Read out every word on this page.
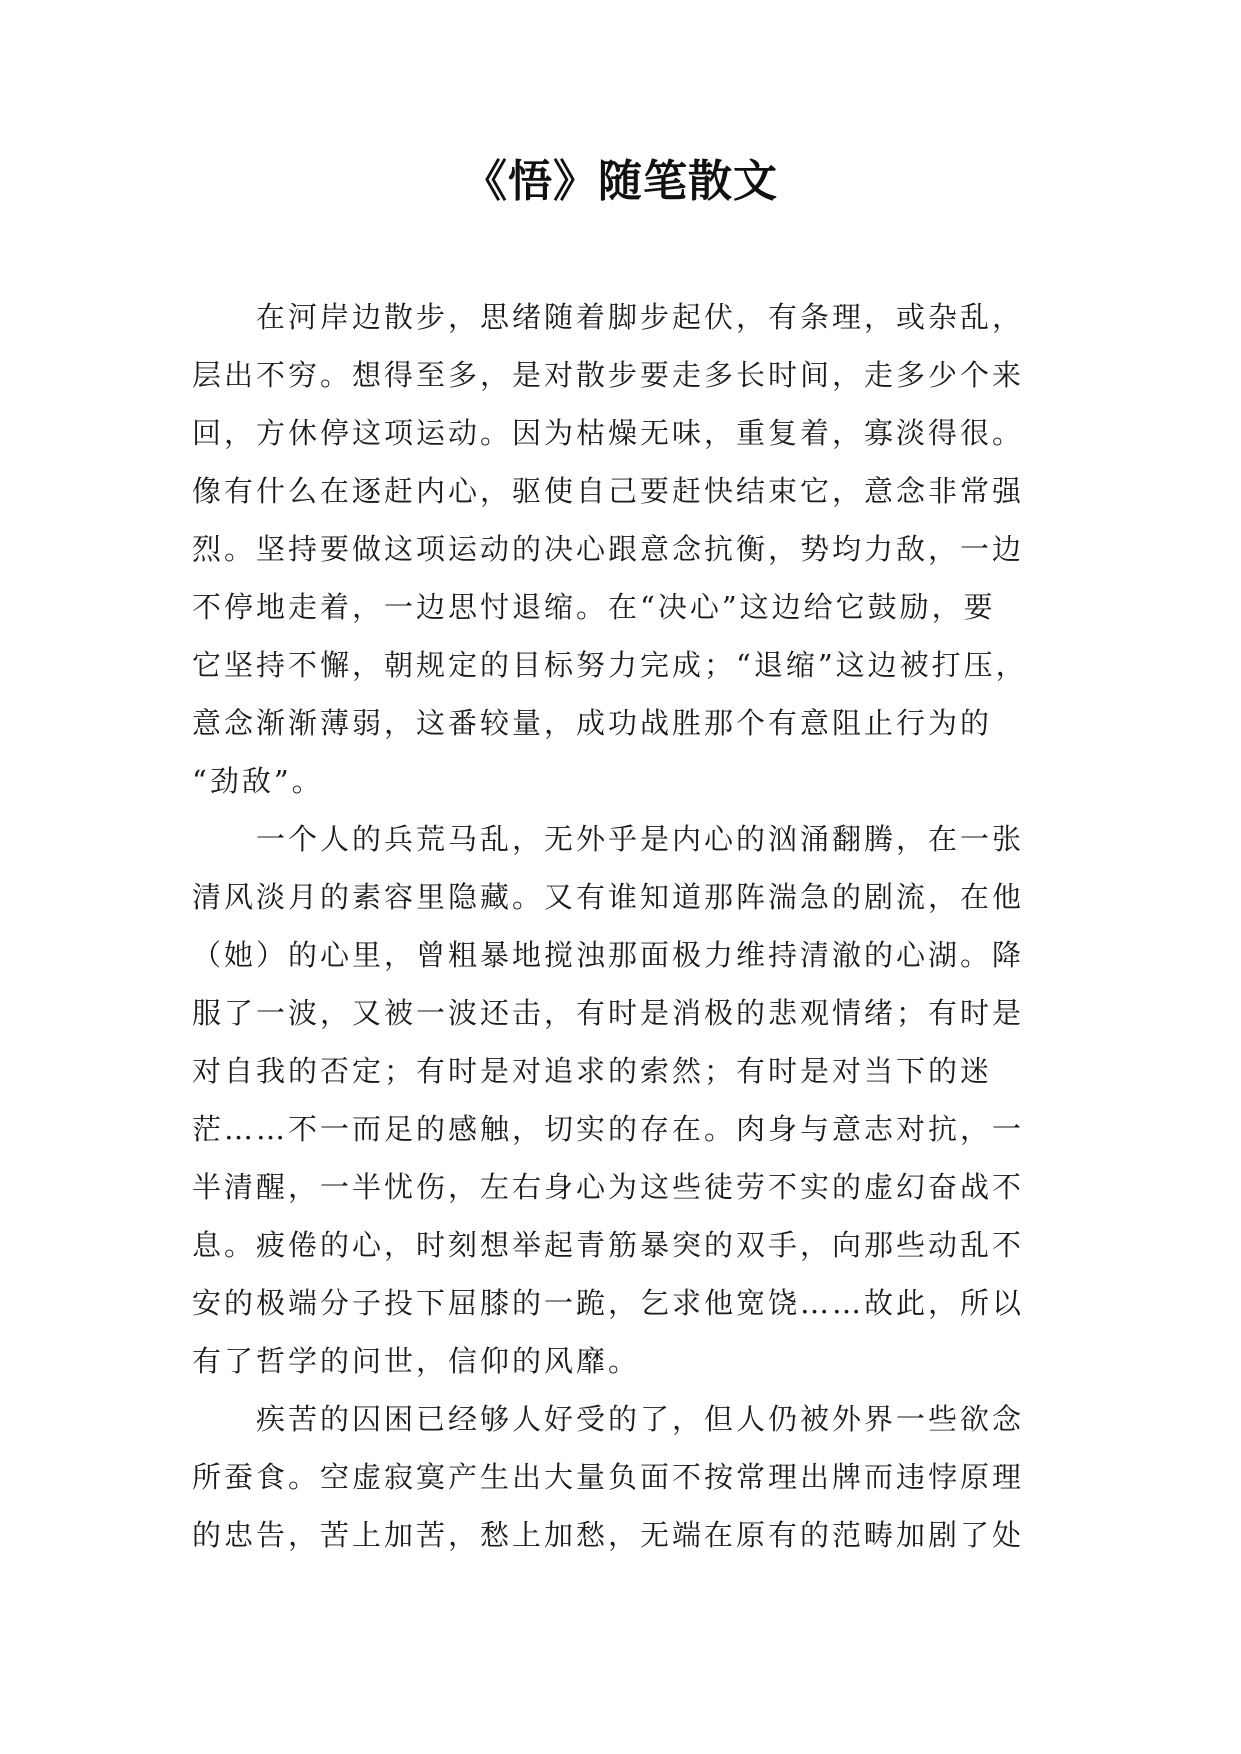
《悟》随笔散文
　　在河岸边散步，思绪随着脚步起伏，有条理，或杂乱，
层出不穷。想得至多，是对散步要走多长时间，走多少个来
回，方休停这项运动。因为枯燥无味，重复着，寡淡得很。
像有什么在逐赶内心，驱使自己要赶快结束它，意念非常强
烈。坚持要做这项运动的决心跟意念抗衡，势均力敌，一边
不停地走着，一边思忖退缩。在“决心”这边给它鼓励，要
它坚持不懈，朝规定的目标努力完成；“退缩”这边被打压，
意念渐渐薄弱，这番较量，成功战胜那个有意阻止行为的
“劲敌”。
　　一个人的兵荒马乱，无外乎是内心的汹涌翻腾，在一张
清风淡月的素容里隐藏。又有谁知道那阵湍急的剧流，在他
（她）的心里，曾粗暴地搅浊那面极力维持清澈的心湖。降
服了一波，又被一波还击，有时是消极的悲观情绪；有时是
对自我的否定；有时是对追求的索然；有时是对当下的迷
茫……不一而足的感触，切实的存在。肉身与意志对抗，一
半清醒，一半忧伤，左右身心为这些徒劳不实的虚幻奋战不
息。疲倦的心，时刻想举起青筋暴突的双手，向那些动乱不
安的极端分子投下屈膝的一跪，乞求他宽饶……故此，所以
有了哲学的问世，信仰的风靡。
　　疾苦的囚困已经够人好受的了，但人仍被外界一些欲念
所蚕食。空虚寂寞产生出大量负面不按常理出牌而违悖原理
的忠告，苦上加苦，愁上加愁，无端在原有的范畴加剧了处
